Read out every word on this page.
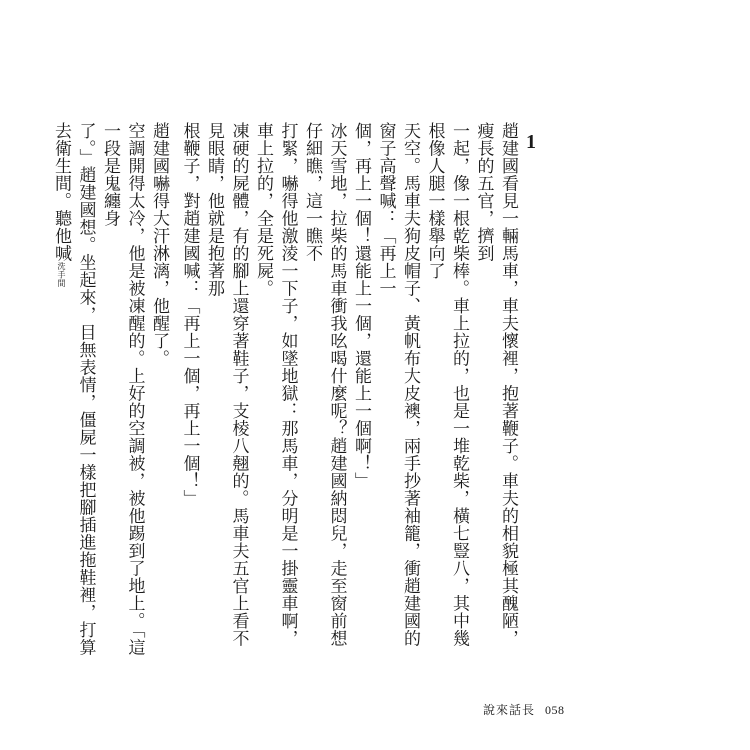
1

趙建國看見一輛馬車，車夫懷裡，抱著鞭子。車夫的相貌極其醜陋，瘦長的五官，擠到
一起，像一根乾柴棒。車上拉的，也是一堆乾柴，橫七豎八，其中幾根像人腿一樣舉向了
天空。馬車夫狗皮帽子、黃帆布大皮襖，兩手抄著袖籠，衝趙建國的窗子高聲喊：「再上一
個，再上一個！還能上一個，還能上一個啊！」

冰天雪地，拉柴的馬車衝我吆喝什麼呢？趙建國納悶兒，走至窗前想仔細瞧，這一瞧不
打緊，嚇得他激淩一下子，如墜地獄：那馬車，分明是一掛靈車啊，車上拉的，全是死屍。
凍硬的屍體，有的腳上還穿著鞋子，支棱八翹的。馬車夫五官上看不見眼睛，他就是抱著那
根鞭子，對趙建國喊：「再上一個，再上一個！」

趙建國嚇得大汗淋漓，他醒了。

空調開得太冷，他是被凍醒的。上好的空調被，被他踢到了地上。「這一段是鬼纏身
了。」趙建國想。坐起來，目無表情，僵屍一樣把腳插進拖鞋裡，打算去衛生間。聽他喊洗手間

說來話長 058
